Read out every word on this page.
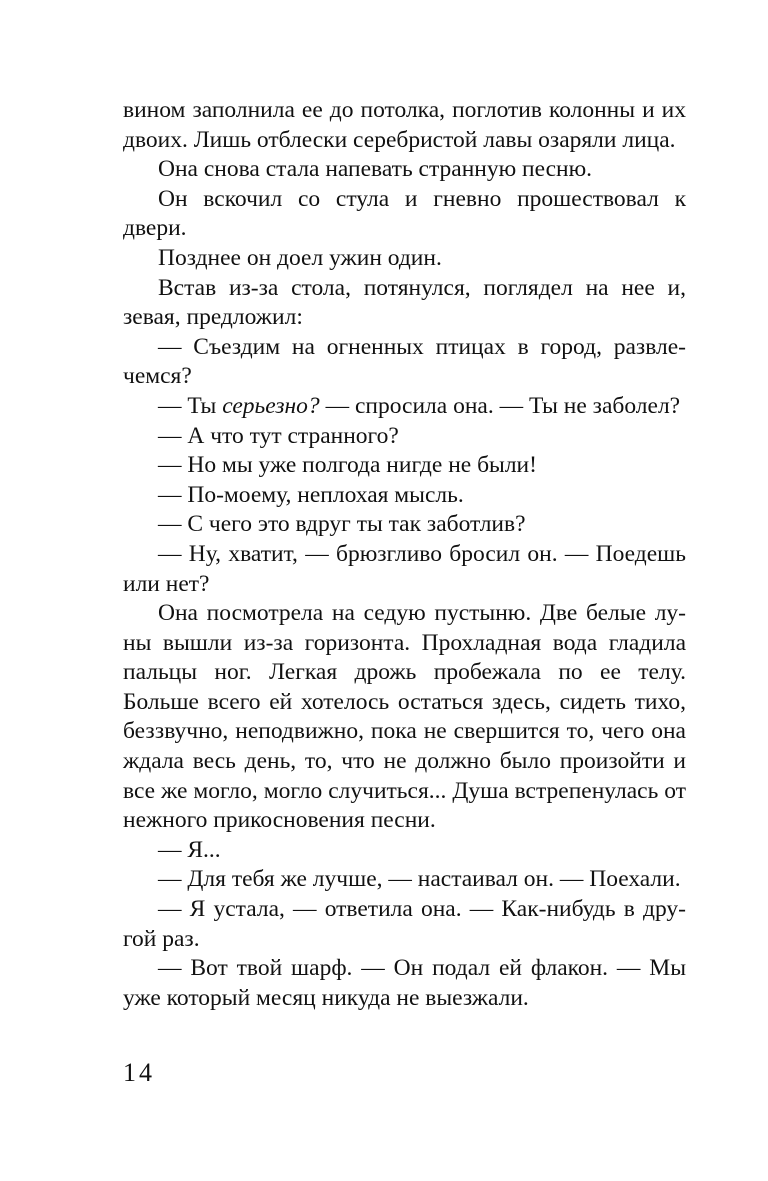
вином заполнила ее до потолка, поглотив колонны и их двоих. Лишь отблески серебристой лавы озаряли лица.

Она снова стала напевать странную песню.

Он вскочил со стула и гневно прошествовал к двери.

Позднее он доел ужин один.

Встав из-за стола, потянулся, поглядел на нее и, зевая, предложил:

— Съездим на огненных птицах в город, развлечемся?

— Ты серьезно? — спросила она. — Ты не заболел?

— А что тут странного?

— Но мы уже полгода нигде не были!

— По-моему, неплохая мысль.

— С чего это вдруг ты так заботлив?

— Ну, хватит, — брюзгливо бросил он. — Поедешь или нет?

Она посмотрела на седую пустыню. Две белые луны вышли из-за горизонта. Прохладная вода гладила пальцы ног. Легкая дрожь пробежала по ее телу. Больше всего ей хотелось остаться здесь, сидеть тихо, беззвучно, неподвижно, пока не свершится то, чего она ждала весь день, то, что не должно было произойти и все же могло, могло случиться... Душа встрепенулась от нежного прикосновения песни.

— Я...

— Для тебя же лучше, — настаивал он. — Поехали.

— Я устала, — ответила она. — Как-нибудь в другой раз.

— Вот твой шарф. — Он подал ей флакон. — Мы уже который месяц никуда не выезжали.

14
